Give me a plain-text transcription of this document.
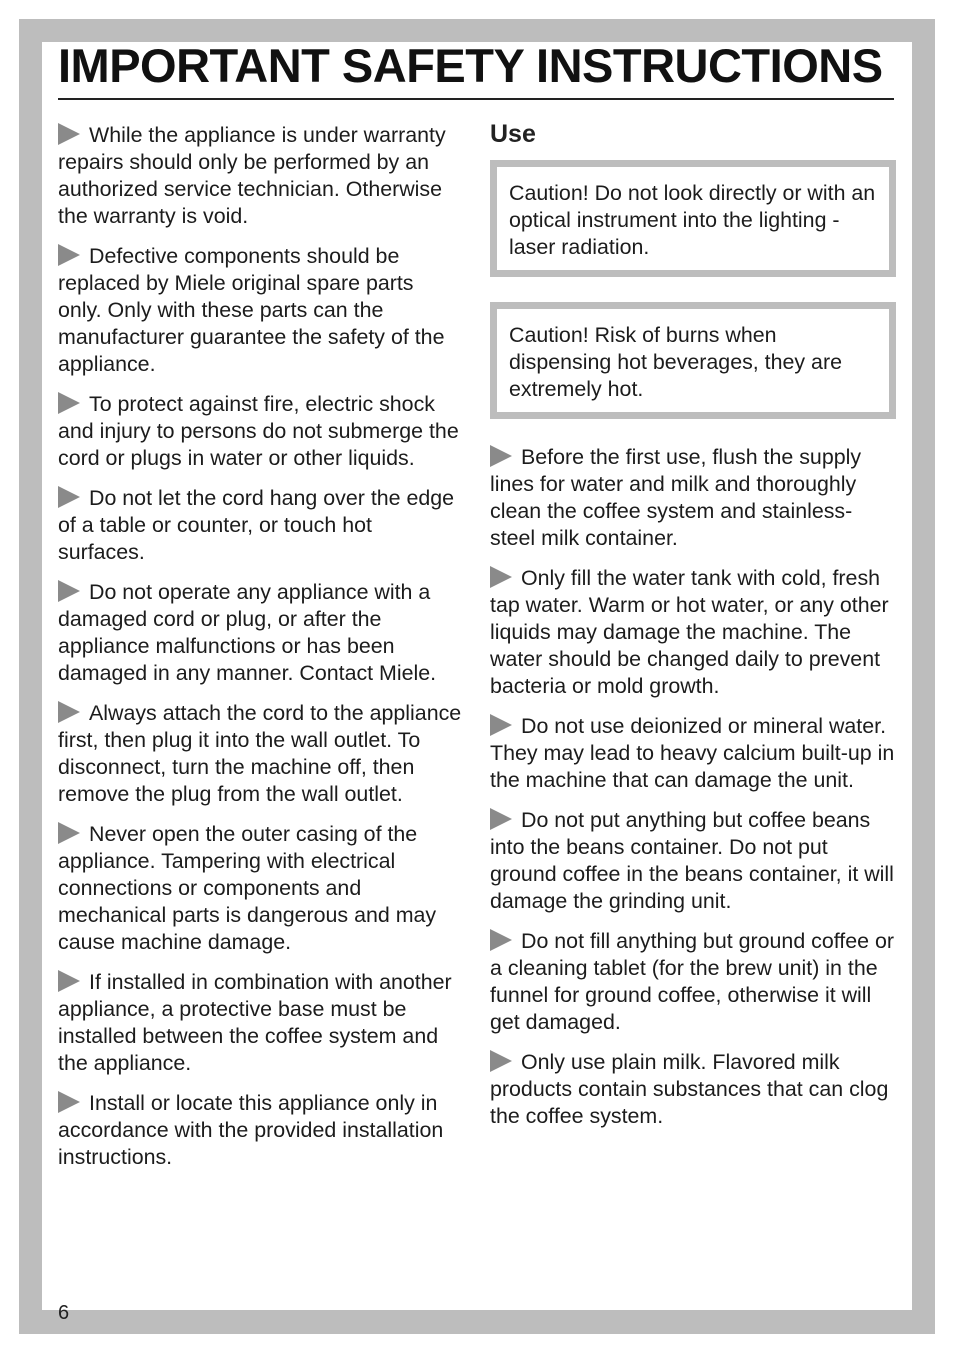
IMPORTANT SAFETY INSTRUCTIONS

While the appliance is under warranty repairs should only be performed by an authorized service technician. Otherwise the warranty is void.

Defective components should be replaced by Miele original spare parts only. Only with these parts can the manufacturer guarantee the safety of the appliance.

To protect against fire, electric shock and injury to persons do not submerge the cord or plugs in water or other liquids.

Do not let the cord hang over the edge of a table or counter, or touch hot surfaces.

Do not operate any appliance with a damaged cord or plug, or after the appliance malfunctions or has been damaged in any manner. Contact Miele.

Always attach the cord to the appliance first, then plug it into the wall outlet. To disconnect, turn the machine off, then remove the plug from the wall outlet.

Never open the outer casing of the appliance. Tampering with electrical connections or components and mechanical parts is dangerous and may cause machine damage.

If installed in combination with another appliance, a protective base must be installed between the coffee system and the appliance.

Install or locate this appliance only in accordance with the provided installation instructions.

Use

Caution! Do not look directly or with an optical instrument into the lighting - laser radiation.

Caution! Risk of burns when dispensing hot beverages, they are extremely hot.

Before the first use, flush the supply lines for water and milk and thoroughly clean the coffee system and stainless-steel milk container.

Only fill the water tank with cold, fresh tap water. Warm or hot water, or any other liquids may damage the machine. The water should be changed daily to prevent bacteria or mold growth.

Do not use deionized or mineral water. They may lead to heavy calcium built-up in the machine that can damage the unit.

Do not put anything but coffee beans into the beans container. Do not put ground coffee in the beans container, it will damage the grinding unit.

Do not fill anything but ground coffee or a cleaning tablet (for the brew unit) in the funnel for ground coffee, otherwise it will get damaged.

Only use plain milk. Flavored milk products contain substances that can clog the coffee system.

6
